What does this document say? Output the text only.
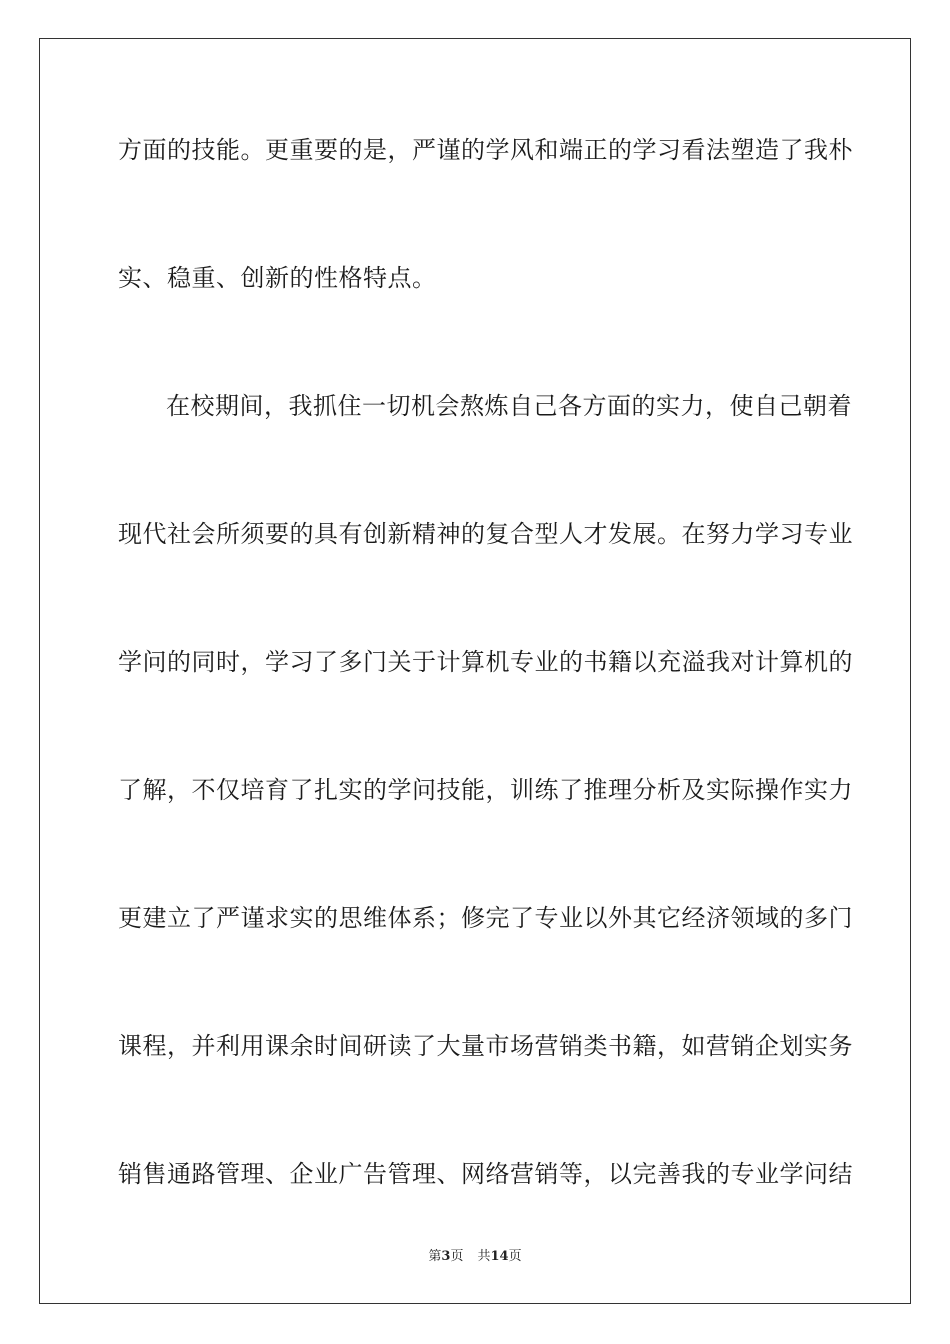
方面的技能。更重要的是，严谨的学风和端正的学习看法塑造了我朴
实、稳重、创新的性格特点。
在校期间，我抓住一切机会熬炼自己各方面的实力，使自己朝着
现代社会所须要的具有创新精神的复合型人才发展。在努力学习专业
学问的同时，学习了多门关于计算机专业的书籍以充溢我对计算机的
了解，不仅培育了扎实的学问技能，训练了推理分析及实际操作实力
更建立了严谨求实的思维体系；修完了专业以外其它经济领域的多门
课程，并利用课余时间研读了大量市场营销类书籍，如营销企划实务
销售通路管理、企业广告管理、网络营销等，以完善我的专业学问结
第3页 共14页
